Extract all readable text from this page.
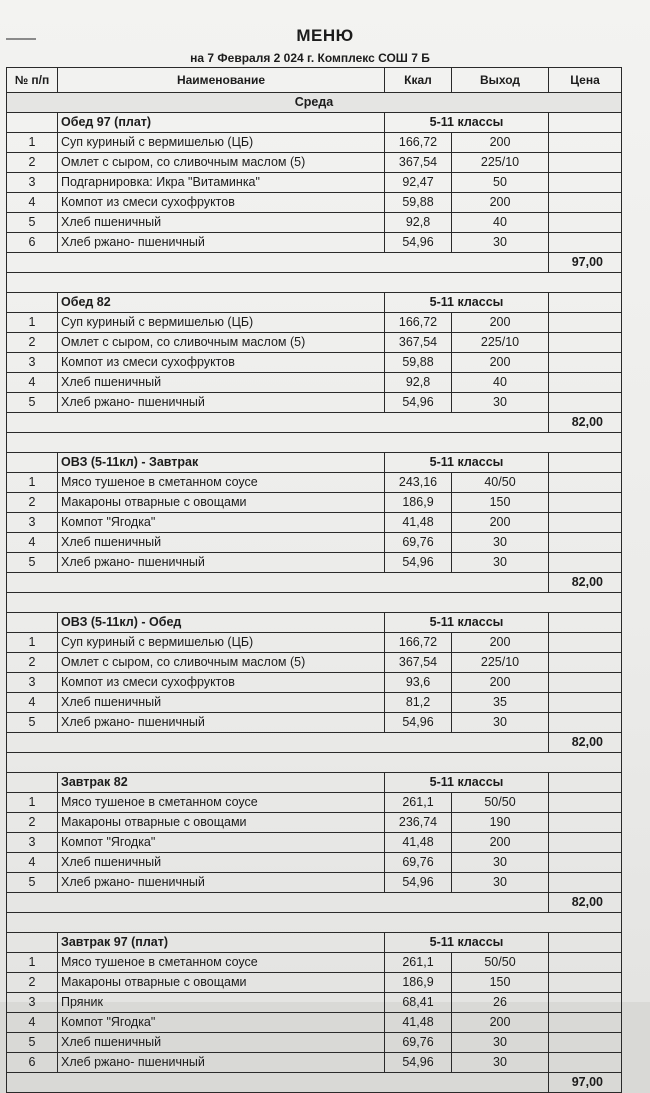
МЕНЮ
на 7 Февраля 2 024 г. Комплекс СОШ 7 Б
№ п/п	Наименование	Ккал	Выход	Цена
Среда				
	Обед 97 (плат)	5-11 классы		
1	Суп куриный с вермишелью (ЦБ)	166,72	200	
2	Омлет с сыром, со сливочным маслом (5)	367,54	225/10	
3	Подгарнировка: Икра "Витаминка"	92,47	50	
4	Компот из смеси сухофруктов	59,88	200	
5	Хлеб пшеничный	92,8	40	
6	Хлеб ржано- пшеничный	54,96	30	
				97,00

	Обед 82	5-11 классы		
1	Суп куриный с вермишелью (ЦБ)	166,72	200	
2	Омлет с сыром, со сливочным маслом (5)	367,54	225/10	
3	Компот из смеси сухофруктов	59,88	200	
4	Хлеб пшеничный	92,8	40	
5	Хлеб ржано- пшеничный	54,96	30	
				82,00

	ОВЗ (5-11кл) - Завтрак	5-11 классы		
1	Мясо тушеное в сметанном соусе	243,16	40/50	
2	Макароны отварные с овощами	186,9	150	
3	Компот "Ягодка"	41,48	200	
4	Хлеб пшеничный	69,76	30	
5	Хлеб ржано- пшеничный	54,96	30	
				82,00

	ОВЗ (5-11кл) - Обед	5-11 классы		
1	Суп куриный с вермишелью (ЦБ)	166,72	200	
2	Омлет с сыром, со сливочным маслом (5)	367,54	225/10	
3	Компот из смеси сухофруктов	93,6	200	
4	Хлеб пшеничный	81,2	35	
5	Хлеб ржано- пшеничный	54,96	30	
				82,00

	Завтрак 82	5-11 классы		
1	Мясо тушеное в сметанном соусе	261,1	50/50	
2	Макароны отварные с овощами	236,74	190	
3	Компот "Ягодка"	41,48	200	
4	Хлеб пшеничный	69,76	30	
5	Хлеб ржано- пшеничный	54,96	30	
				82,00

	Завтрак 97 (плат)	5-11 классы		
1	Мясо тушеное в сметанном соусе	261,1	50/50	
2	Макароны отварные с овощами	186,9	150	
3	Пряник	68,41	26	
4	Компот "Ягодка"	41,48	200	
5	Хлеб пшеничный	69,76	30	
6	Хлеб ржано- пшеничный	54,96	30	
				97,00
